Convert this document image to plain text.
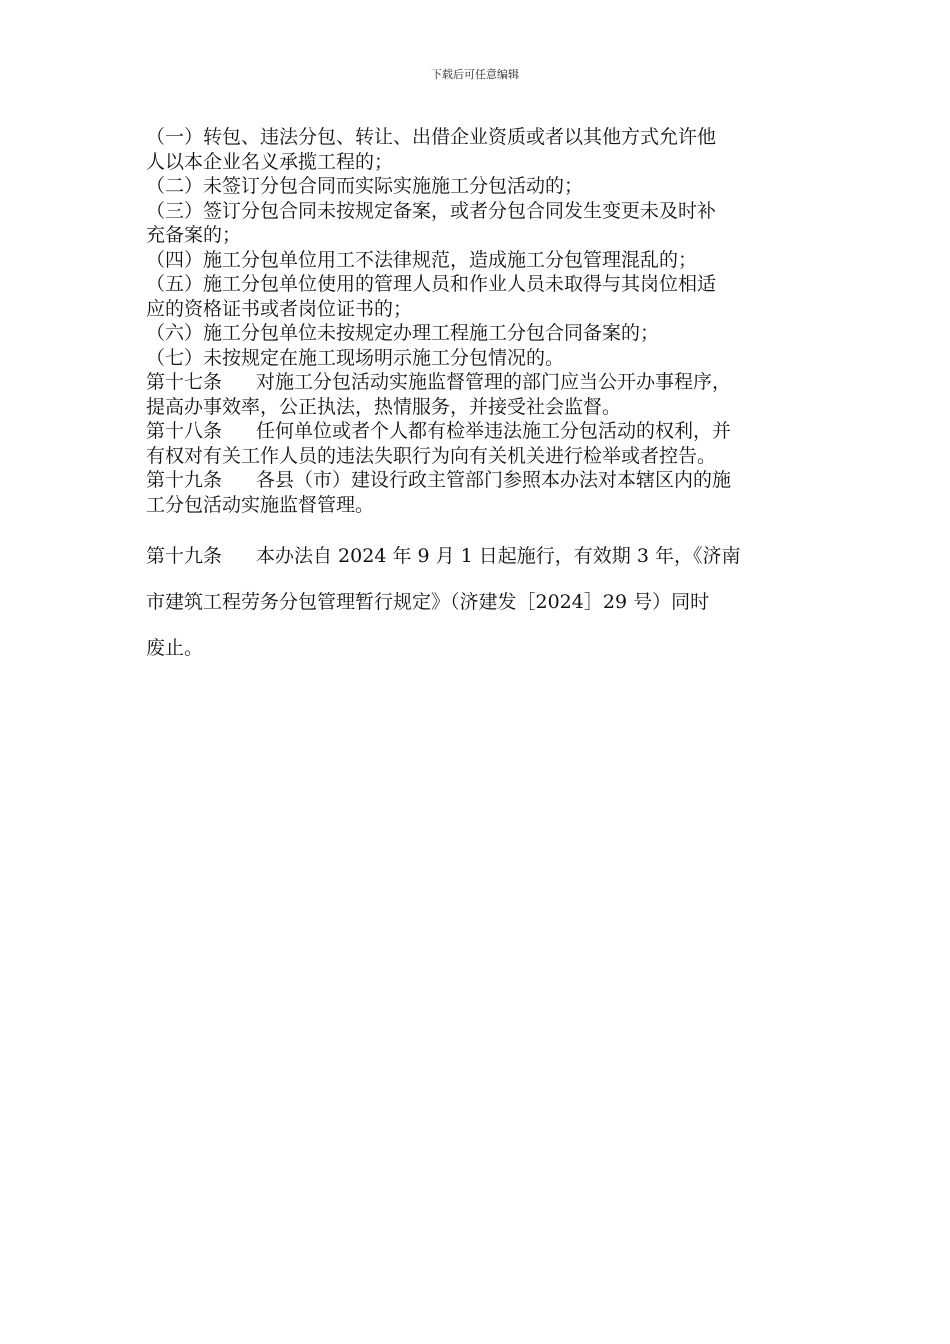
下载后可任意编辑
（一）转包、违法分包、转让、出借企业资质或者以其他方式允许他
人以本企业名义承揽工程的；
（二）未签订分包合同而实际实施施工分包活动的；
（三）签订分包合同未按规定备案，或者分包合同发生变更未及时补
充备案的；
（四）施工分包单位用工不法律规范，造成施工分包管理混乱的；
（五）施工分包单位使用的管理人员和作业人员未取得与其岗位相适
应的资格证书或者岗位证书的；
（六）施工分包单位未按规定办理工程施工分包合同备案的；
（七）未按规定在施工现场明示施工分包情况的。
第十七条 对施工分包活动实施监督管理的部门应当公开办事程序，
提高办事效率，公正执法，热情服务，并接受社会监督。
第十八条 任何单位或者个人都有检举违法施工分包活动的权利，并
有权对有关工作人员的违法失职行为向有关机关进行检举或者控告。
第十九条 各县（市）建设行政主管部门参照本办法对本辖区内的施
工分包活动实施监督管理。
第十九条 本办法自 2024 年 9 月 1 日起施行，有效期 3 年，《济南
市建筑工程劳务分包管理暂行规定》（济建发［2024］29 号）同时
废止。
